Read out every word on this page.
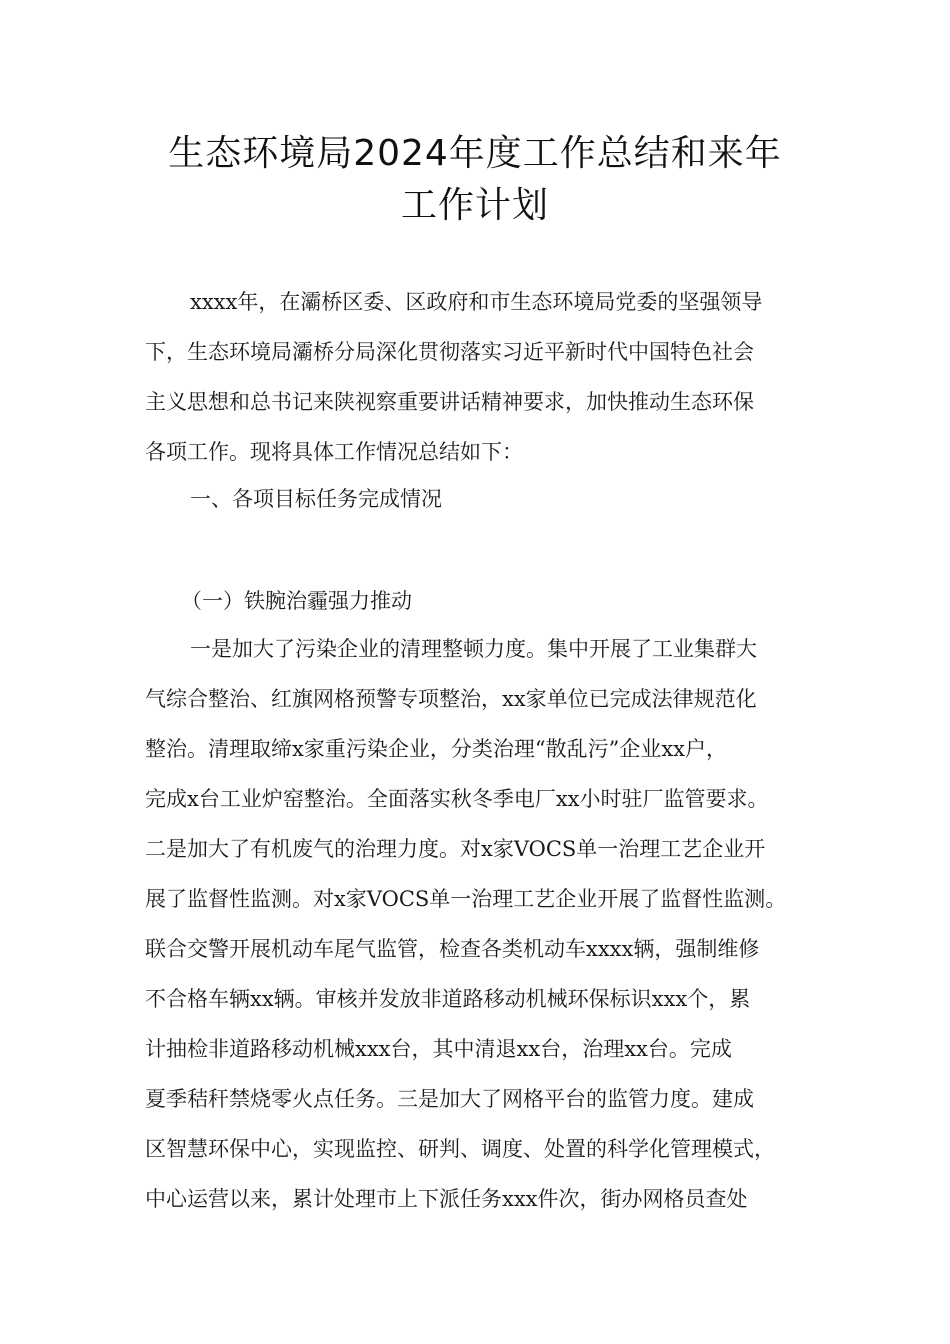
生态环境局2024年度工作总结和来年
工作计划
xxxx年，在灞桥区委、区政府和市生态环境局党委的坚强领导
下，生态环境局灞桥分局深化贯彻落实习近平新时代中国特色社会
主义思想和总书记来陕视察重要讲话精神要求，加快推动生态环保
各项工作。现将具体工作情况总结如下：
一、各项目标任务完成情况
（一）铁腕治霾强力推动
一是加大了污染企业的清理整顿力度。集中开展了工业集群大
气综合整治、红旗网格预警专项整治，xx家单位已完成法律规范化
整治。清理取缔x家重污染企业，分类治理“散乱污”企业xx户，
完成x台工业炉窑整治。全面落实秋冬季电厂xx小时驻厂监管要求。
二是加大了有机废气的治理力度。对x家VOCS单一治理工艺企业开
展了监督性监测。对x家VOCS单一治理工艺企业开展了监督性监测。
联合交警开展机动车尾气监管，检查各类机动车xxxx辆，强制维修
不合格车辆xx辆。审核并发放非道路移动机械环保标识xxx个，累
计抽检非道路移动机械xxx台，其中清退xx台，治理xx台。完成
夏季秸秆禁烧零火点任务。三是加大了网格平台的监管力度。建成
区智慧环保中心，实现监控、研判、调度、处置的科学化管理模式，
中心运营以来，累计处理市上下派任务xxx件次，街办网格员查处
